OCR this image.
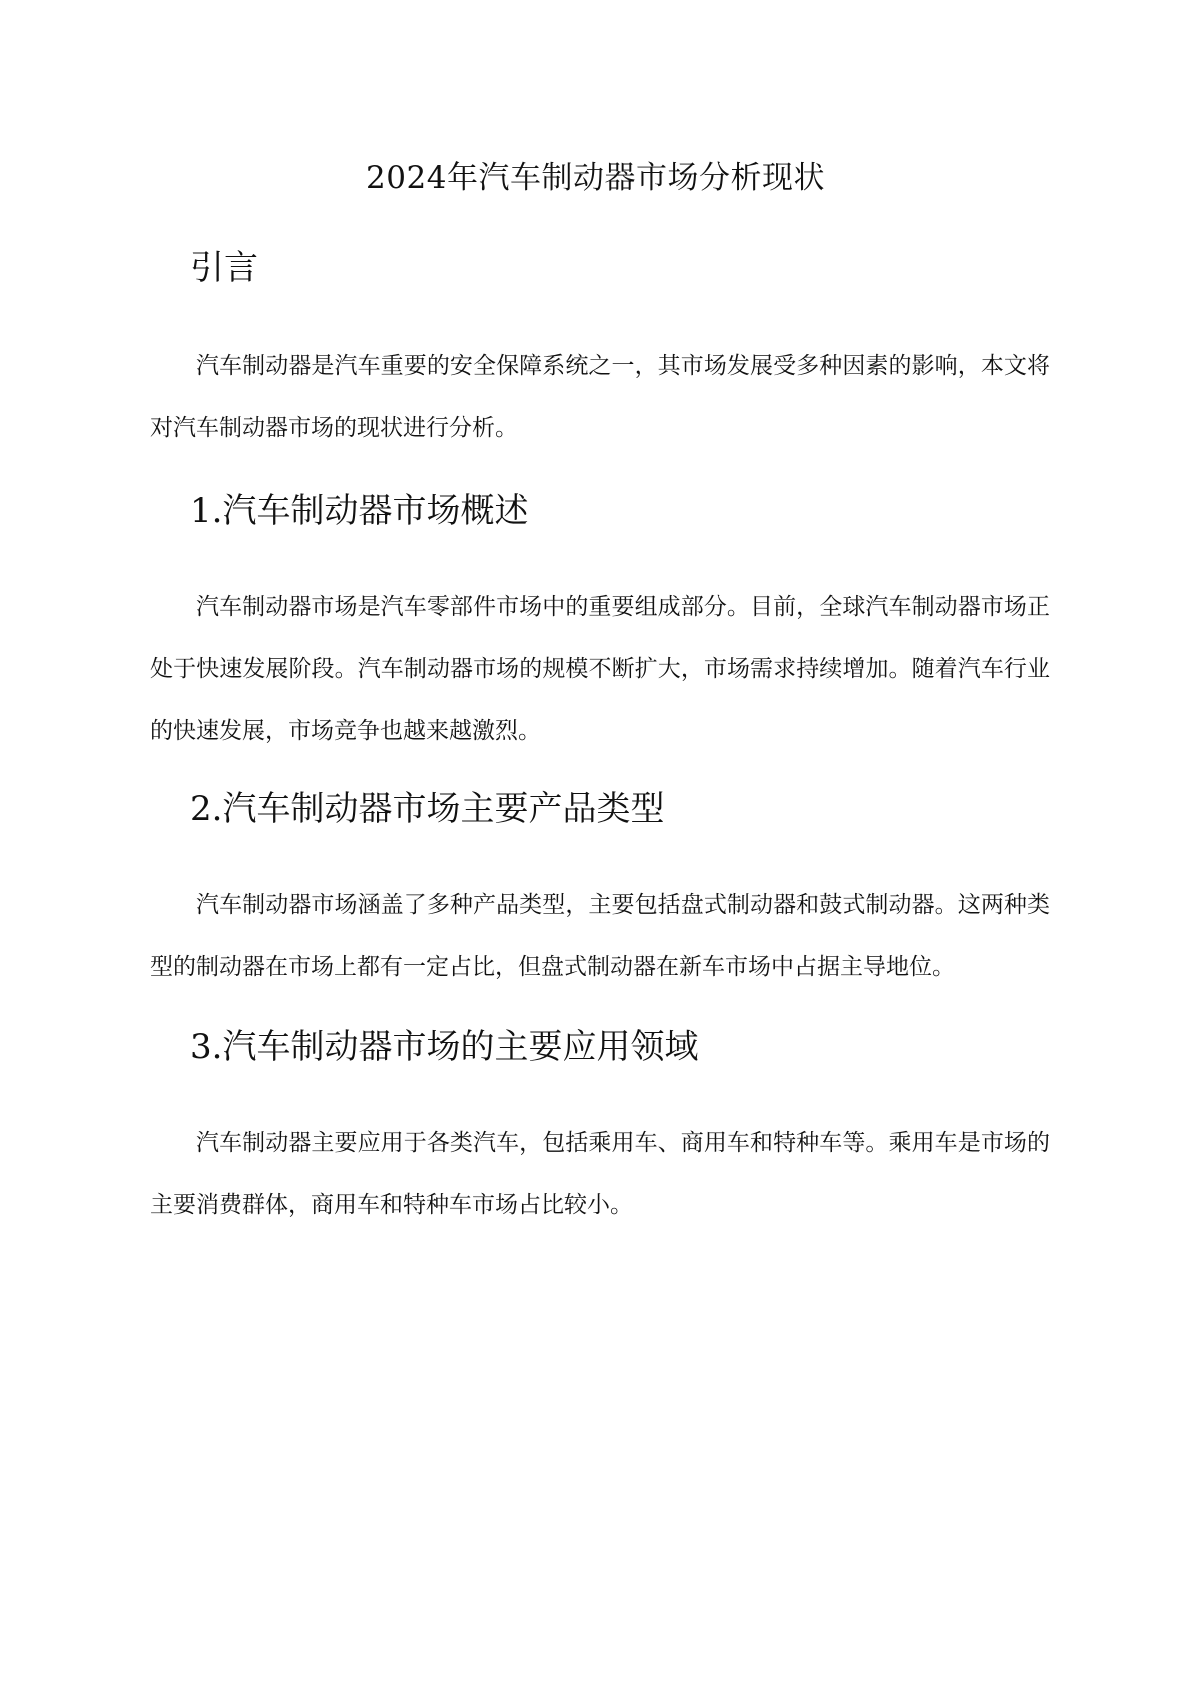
2024年汽车制动器市场分析现状
引言

汽车制动器是汽车重要的安全保障系统之一，其市场发展受多种因素的影响，本文将对汽车制动器市场的现状进行分析。

1.汽车制动器市场概述

汽车制动器市场是汽车零部件市场中的重要组成部分。目前，全球汽车制动器市场正处于快速发展阶段。汽车制动器市场的规模不断扩大，市场需求持续增加。随着汽车行业的快速发展，市场竞争也越来越激烈。

2.汽车制动器市场主要产品类型

汽车制动器市场涵盖了多种产品类型，主要包括盘式制动器和鼓式制动器。这两种类型的制动器在市场上都有一定占比，但盘式制动器在新车市场中占据主导地位。

3.汽车制动器市场的主要应用领域

汽车制动器主要应用于各类汽车，包括乘用车、商用车和特种车等。乘用车是市场的主要消费群体，商用车和特种车市场占比较小。
